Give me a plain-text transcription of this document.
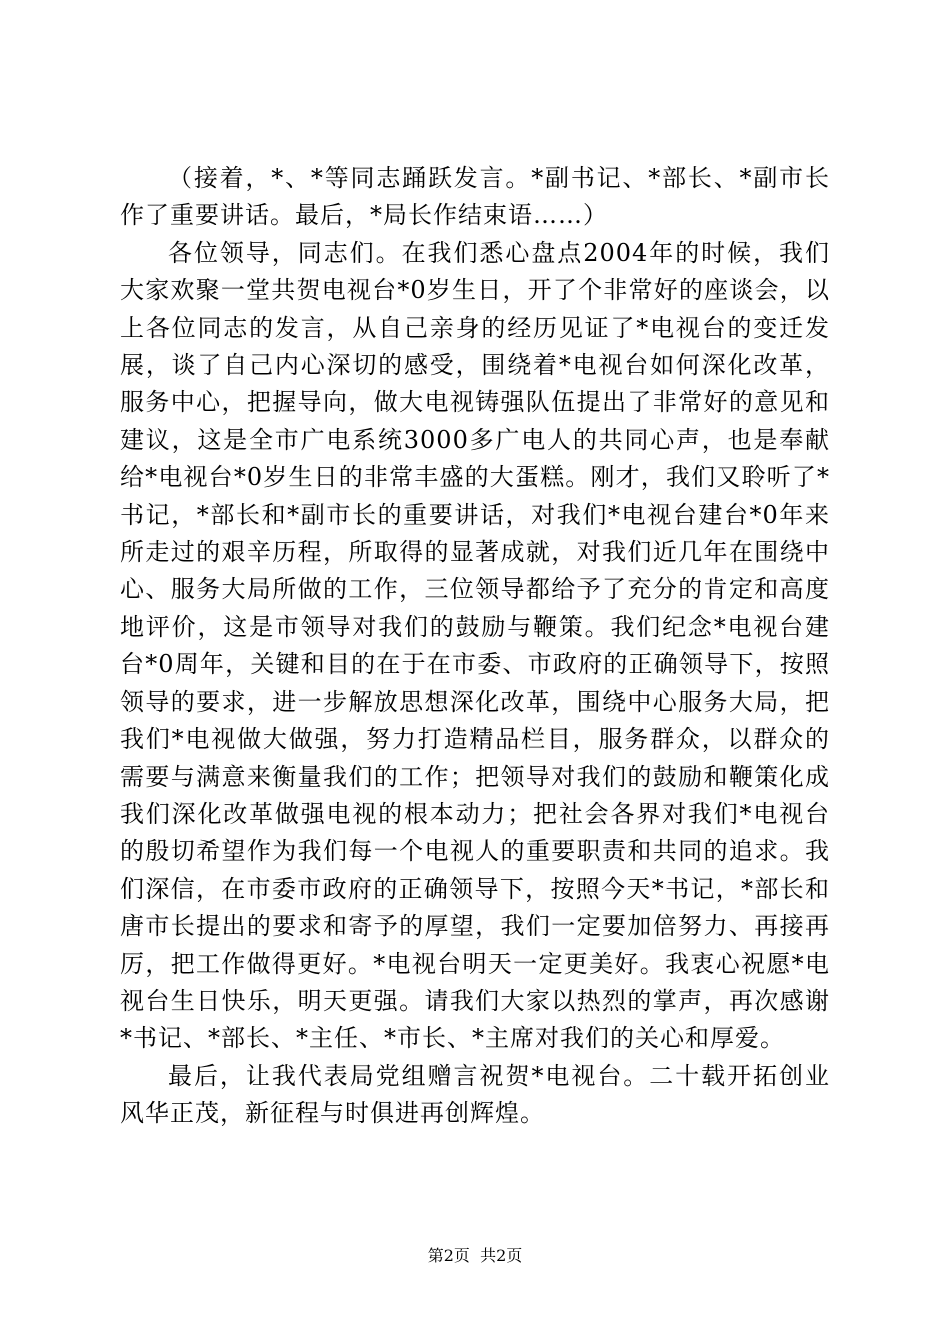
（接着，*、*等同志踊跃发言。*副书记、*部长、*副市长作了重要讲话。最后，*局长作结束语……）

各位领导，同志们。在我们悉心盘点2004年的时候，我们大家欢聚一堂共贺电视台*0岁生日，开了个非常好的座谈会，以上各位同志的发言，从自己亲身的经历见证了*电视台的变迁发展，谈了自己内心深切的感受，围绕着*电视台如何深化改革，服务中心，把握导向，做大电视铸强队伍提出了非常好的意见和建议，这是全市广电系统3000多广电人的共同心声，也是奉献给*电视台*0岁生日的非常丰盛的大蛋糕。刚才，我们又聆听了*书记，*部长和*副市长的重要讲话，对我们*电视台建台*0年来所走过的艰辛历程，所取得的显著成就，对我们近几年在围绕中心、服务大局所做的工作，三位领导都给予了充分的肯定和高度地评价，这是市领导对我们的鼓励与鞭策。我们纪念*电视台建台*0周年，关键和目的在于在市委、市政府的正确领导下，按照领导的要求，进一步解放思想深化改革，围绕中心服务大局，把我们*电视做大做强，努力打造精品栏目，服务群众，以群众的需要与满意来衡量我们的工作；把领导对我们的鼓励和鞭策化成我们深化改革做强电视的根本动力；把社会各界对我们*电视台的殷切希望作为我们每一个电视人的重要职责和共同的追求。我们深信，在市委市政府的正确领导下，按照今天*书记，*部长和唐市长提出的要求和寄予的厚望，我们一定要加倍努力、再接再厉，把工作做得更好。*电视台明天一定更美好。我衷心祝愿*电视台生日快乐，明天更强。请我们大家以热烈的掌声，再次感谢*书记、*部长、*主任、*市长、*主席对我们的关心和厚爱。

最后，让我代表局党组赠言祝贺*电视台。二十载开拓创业风华正茂，新征程与时俱进再创辉煌。

第2页  共2页
